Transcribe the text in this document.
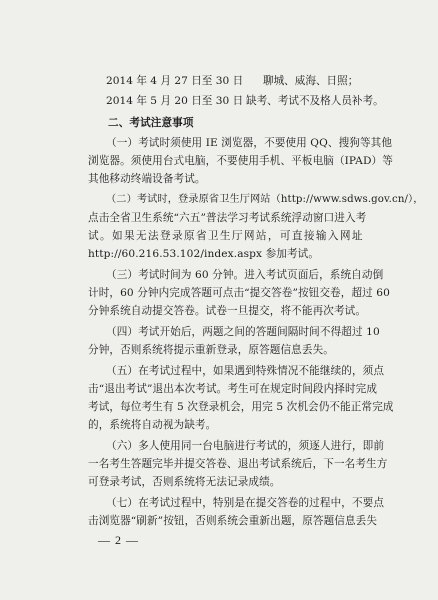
2014 年 4 月 27 日至 30 日 聊城、威海、日照；
2014 年 5 月 20 日至 30 日 缺考、考试不及格人员补考。
二、考试注意事项
（一）考试时须使用 IE 浏览器，不要使用 QQ、搜狗等其他
浏览器。须使用台式电脑，不要使用手机、平板电脑（IPAD）等
其他移动终端设备考试。
（二）考试时，登录原省卫生厅网站（http://www.sdws.gov.cn/），
点击全省卫生系统“六五”普法学习考试系统浮动窗口进入考
试。如果无法登录原省卫生厅网站，可直接输入网址
http://60.216.53.102/index.aspx 参加考试。
（三）考试时间为 60 分钟。进入考试页面后，系统自动倒
计时，60 分钟内完成答题可点击“提交答卷”按钮交卷，超过 60
分钟系统自动提交答卷。试卷一旦提交，将不能再次考试。
（四）考试开始后，两题之间的答题间隔时间不得超过 10
分钟，否则系统将提示重新登录，原答题信息丢失。
（五）在考试过程中，如果遇到特殊情况不能继续的，须点
击“退出考试”退出本次考试。考生可在规定时间段内择时完成
考试，每位考生有 5 次登录机会，用完 5 次机会仍不能正常完成
的，系统将自动视为缺考。
（六）多人使用同一台电脑进行考试的，须逐人进行，即前
一名考生答题完毕并提交答卷、退出考试系统后，下一名考生方
可登录考试，否则系统将无法记录成绩。
（七）在考试过程中，特别是在提交答卷的过程中，不要点
击浏览器“刷新”按钮，否则系统会重新出题，原答题信息丢失
— 2 —
